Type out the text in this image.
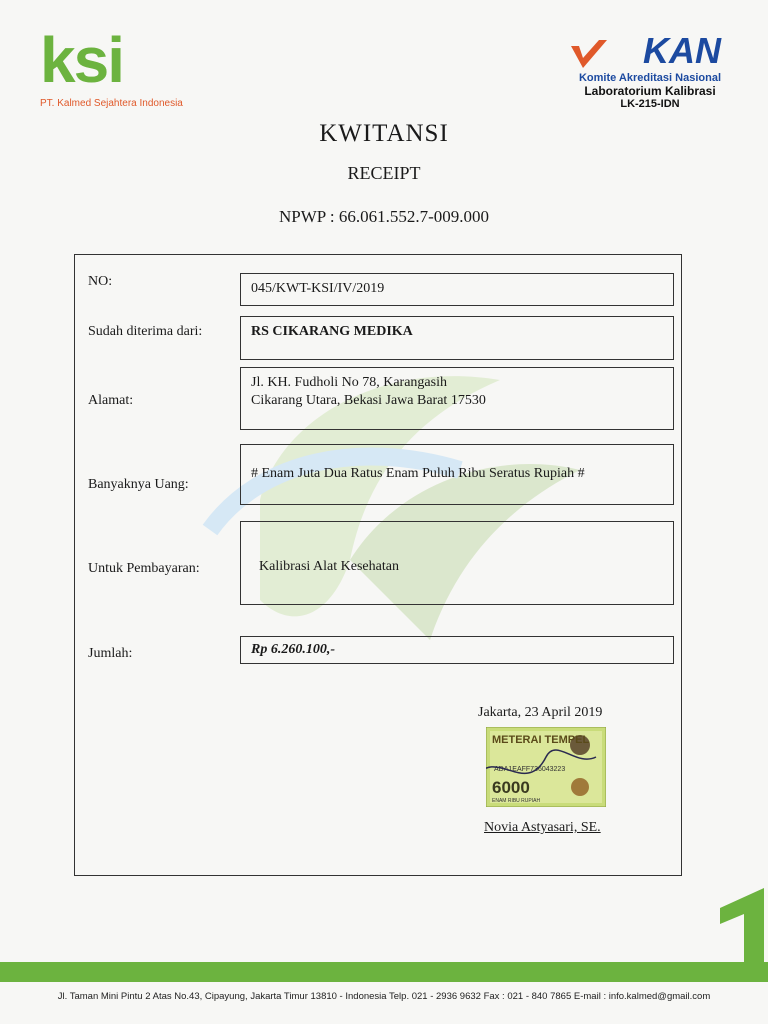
ksi
PT. Kalmed Sejahtera Indonesia
KAN
Komite Akreditasi Nasional
Laboratorium Kalibrasi
LK-215-IDN
KWITANSI
RECEIPT
NPWP : 66.061.552.7-009.000
NO:	045/KWT-KSI/IV/2019
Sudah diterima dari:	RS CIKARANG MEDIKA
Alamat:
Jl. KH. Fudholi No 78, Karangasih
Cikarang Utara, Bekasi Jawa Barat 17530
Banyaknya Uang:
# Enam Juta Dua Ratus Enam Puluh Ribu Seratus Rupiah #
Untuk Pembayaran:	Kalibrasi Alat Kesehatan
Jumlah:	Rp 6.260.100,-
Jakarta, 23 April 2019
METERAI TEMPEL
ADA1EAFF736043223
6000
ENAM RIBU RUPIAH
Novia Astyasari, SE.
Jl. Taman Mini Pintu 2 Atas No.43, Cipayung, Jakarta Timur 13810 - Indonesia Telp. 021 - 2936 9632 Fax : 021 - 840 7865 E-mail : info.kalmed@gmail.com
